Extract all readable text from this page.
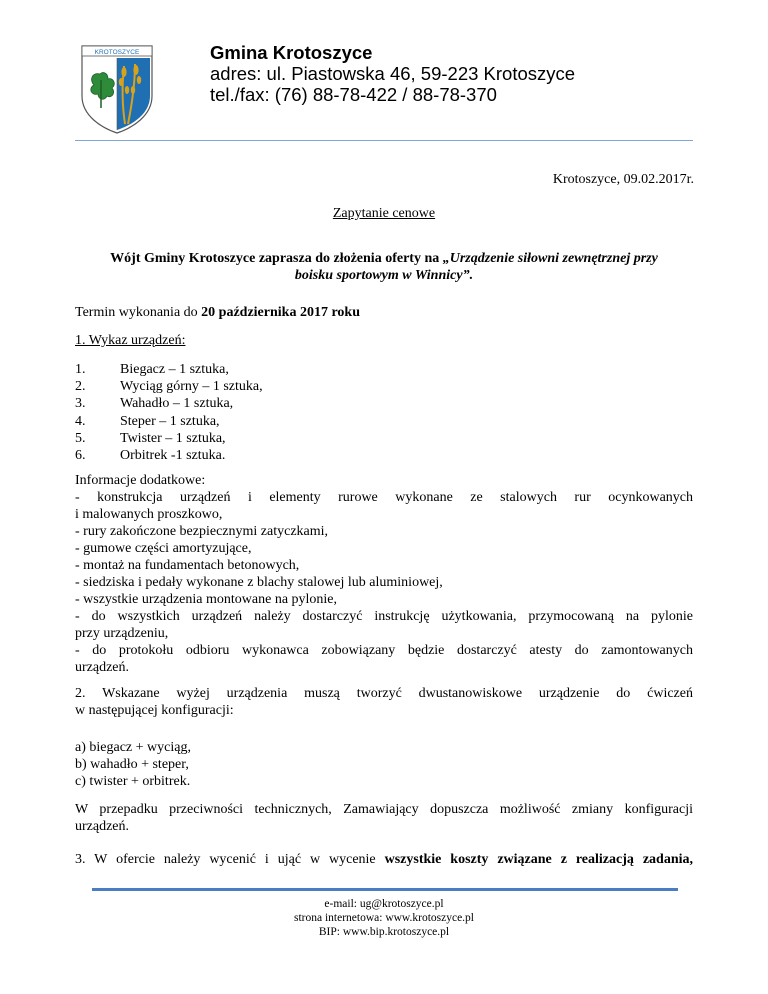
KROTOSZYCE	Gmina Krotoszyce
adres: ul. Piastowska 46, 59-223 Krotoszyce
tel./fax: (76) 88-78-422 / 88-78-370
Krotoszyce, 09.02.2017r.
Zapytanie cenowe
Wójt Gminy Krotoszyce zaprasza do złożenia oferty na „Urządzenie siłowni zewnętrznej przy
boisku sportowym w Winnicy”.
Termin wykonania do 20 października 2017 roku
1. Wykaz urządzeń:
1. Biegacz – 1 sztuka,
2. Wyciąg górny – 1 sztuka,
3. Wahadło – 1 sztuka,
4. Steper – 1 sztuka,
5. Twister – 1 sztuka,
6. Orbitrek -1 sztuka.
Informacje dodatkowe:
- konstrukcja urządzeń i elementy rurowe wykonane ze stalowych rur ocynkowanych
i malowanych proszkowo,
- rury zakończone bezpiecznymi zatyczkami,
- gumowe części amortyzujące,
- montaż na fundamentach betonowych,
- siedziska i pedały wykonane z blachy stalowej lub aluminiowej,
- wszystkie urządzenia montowane na pylonie,
- do wszystkich urządzeń należy dostarczyć instrukcję użytkowania, przymocowaną na pylonie
przy urządzeniu,
- do protokołu odbioru wykonawca zobowiązany będzie dostarczyć atesty do zamontowanych
urządzeń.
2. Wskazane wyżej urządzenia muszą tworzyć dwustanowiskowe urządzenie do ćwiczeń
w następującej konfiguracji:
a) biegacz + wyciąg,
b) wahadło + steper,
c) twister + orbitrek.
W przepadku przeciwności technicznych, Zamawiający dopuszcza możliwość zmiany konfiguracji
urządzeń.
3. W ofercie należy wycenić i ująć w wycenie wszystkie koszty związane z realizacją zadania,
e-mail: ug@krotoszyce.pl
strona internetowa: www.krotoszyce.pl
BIP: www.bip.krotoszyce.pl
